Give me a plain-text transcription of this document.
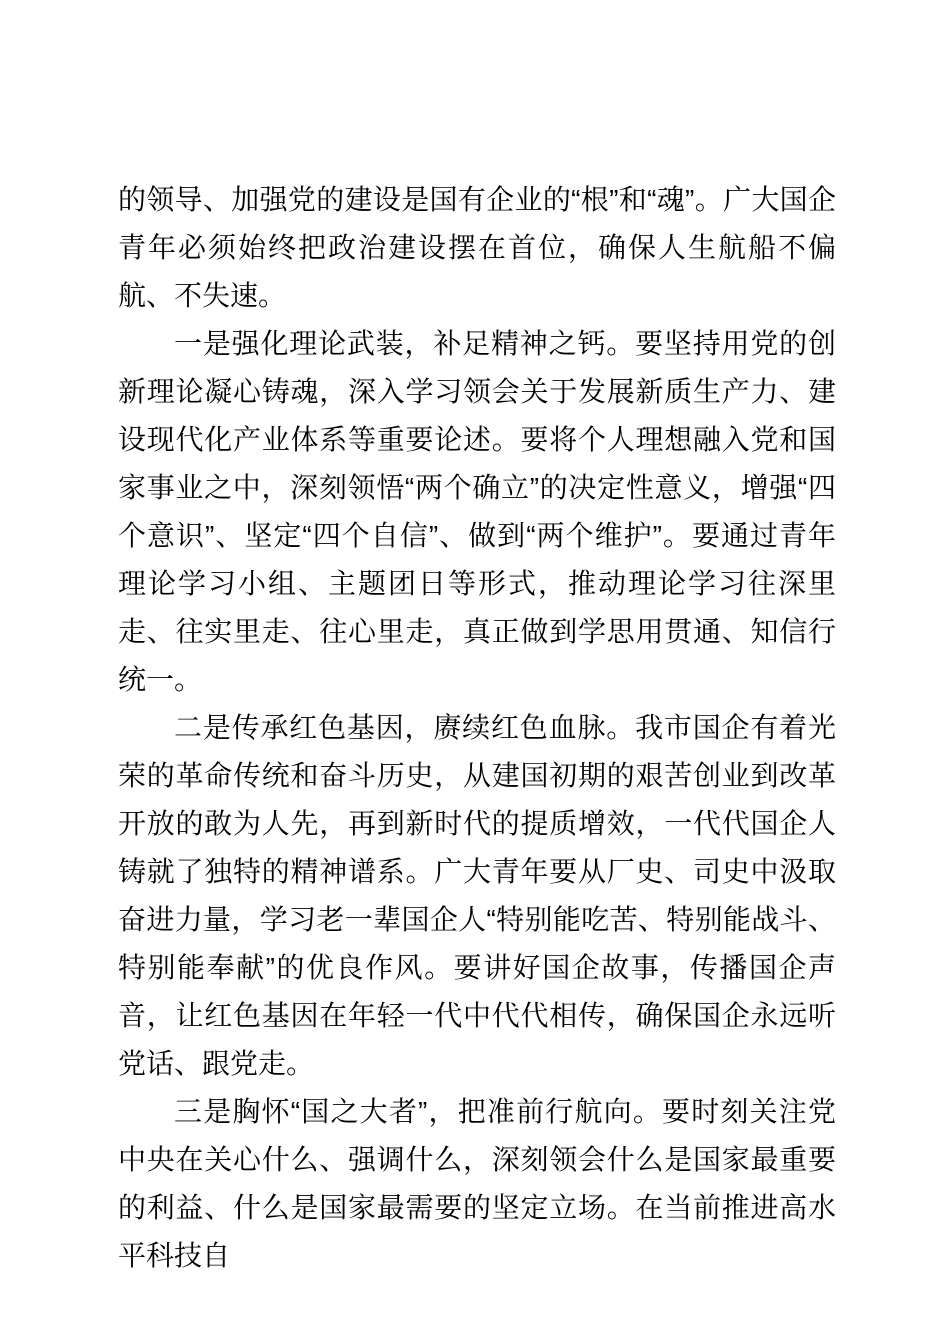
的领导、加强党的建设是国有企业的“根”和“魂”。广大国企青年必须始终把政治建设摆在首位，确保人生航船不偏航、不失速。

一是强化理论武装，补足精神之钙。要坚持用党的创新理论凝心铸魂，深入学习领会关于发展新质生产力、建设现代化产业体系等重要论述。要将个人理想融入党和国家事业之中，深刻领悟“两个确立”的决定性意义，增强“四个意识”、坚定“四个自信”、做到“两个维护”。要通过青年理论学习小组、主题团日等形式，推动理论学习往深里走、往实里走、往心里走，真正做到学思用贯通、知信行统一。

二是传承红色基因，赓续红色血脉。我市国企有着光荣的革命传统和奋斗历史，从建国初期的艰苦创业到改革开放的敢为人先，再到新时代的提质增效，一代代国企人铸就了独特的精神谱系。广大青年要从厂史、司史中汲取奋进力量，学习老一辈国企人“特别能吃苦、特别能战斗、特别能奉献”的优良作风。要讲好国企故事，传播国企声音，让红色基因在年轻一代中代代相传，确保国企永远听党话、跟党走。

三是胸怀“国之大者”，把准前行航向。要时刻关注党中央在关心什么、强调什么，深刻领会什么是国家最重要的利益、什么是国家最需要的坚定立场。在当前推进高水平科技自
